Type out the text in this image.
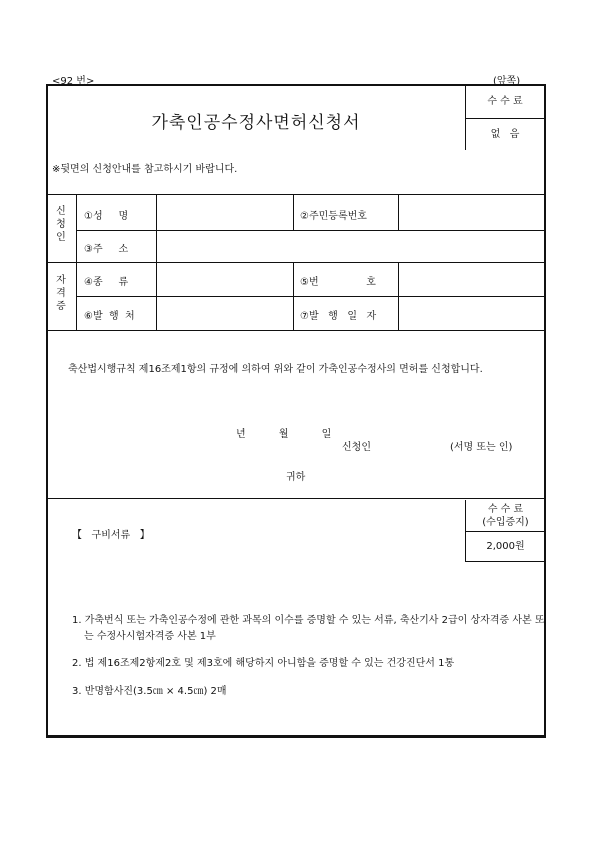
<92 번>	(앞쪽)
가축인공수정사면허신청서
수 수 료
없   음
※뒷면의 신청안내를 참고하시기 바랍니다.
신
청
인
①성     명	②주민등록번호
③주     소
자
격
증
④종     류	⑤번               호
⑥발  행  처	⑦발   행   일   자
축산법시행규칙 제16조제1항의 규정에 의하여 위와 같이 가축인공수정사의 면허를 신청합니다.
년 월 일
신청인	(서명 또는 인)
귀하
【   구비서류   】
수 수 료
(수입증지)
2,000원
1. 가축번식 또는 가축인공수정에 관한 과목의 이수를 증명할 수 있는 서류, 축산기사 2급이 상자격증 사본 또는 수정사시험자격증 사본 1부
2. 법 제16조제2항제2호 및 제3호에 해당하지 아니함을 증명할 수 있는 건강진단서 1통
3. 반명함사진(3.5㎝ × 4.5㎝) 2매
